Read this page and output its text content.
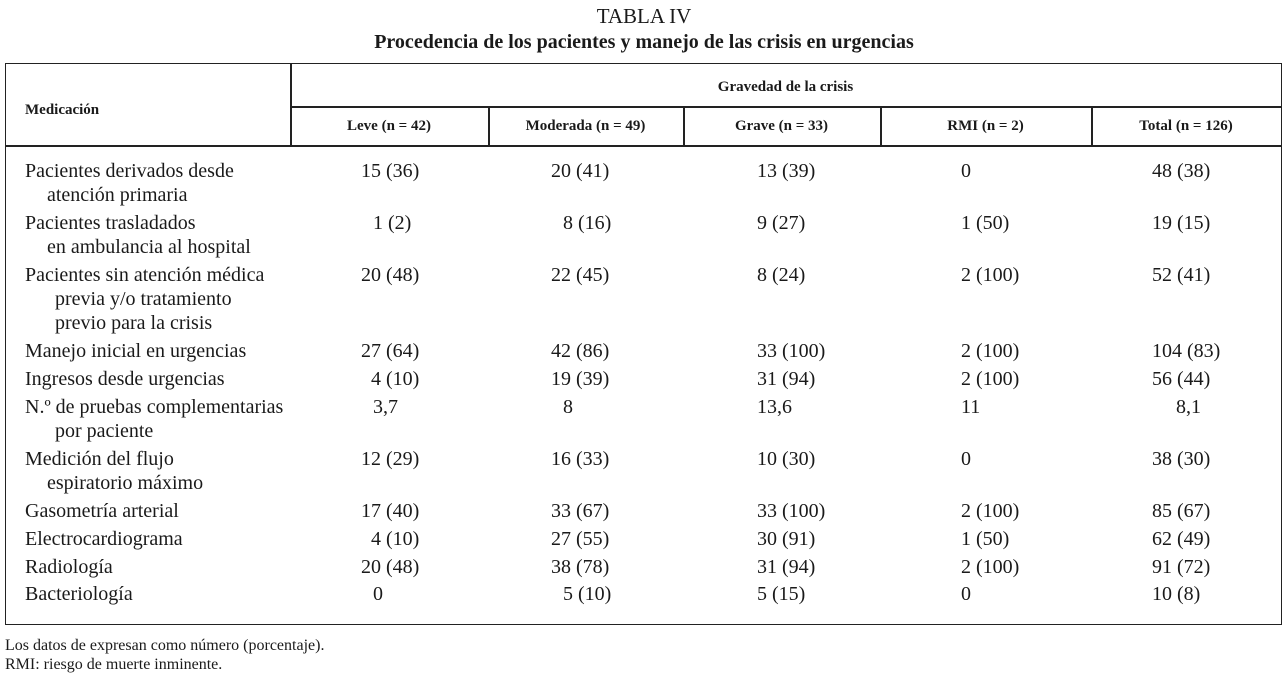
TABLA IV
Procedencia de los pacientes y manejo de las crisis en urgencias
Medicación
Gravedad de la crisis
Leve (n = 42)	Moderada (n = 49)	Grave (n = 33)	RMI (n = 2)	Total (n = 126)
Pacientes derivados desde
atención primaria
15 (36)	20 (41)	13 (39)	0	48 (38)
Pacientes trasladados
en ambulancia al hospital
1 (2)	8 (16)	9 (27)	1 (50)	19 (15)
Pacientes sin atención médica
previa y/o tratamiento
previo para la crisis
20 (48)	22 (45)	8 (24)	2 (100)	52 (41)
Manejo inicial en urgencias	27 (64)	42 (86)	33 (100)	2 (100)	104 (83)
Ingresos desde urgencias	4 (10)	19 (39)	31 (94)	2 (100)	56 (44)
N.º de pruebas complementarias
por paciente
3,7	8	13,6	11	8,1
Medición del flujo
espiratorio máximo
12 (29)	16 (33)	10 (30)	0	38 (30)
Gasometría arterial	17 (40)	33 (67)	33 (100)	2 (100)	85 (67)
Electrocardiograma	4 (10)	27 (55)	30 (91)	1 (50)	62 (49)
Radiología	20 (48)	38 (78)	31 (94)	2 (100)	91 (72)
Bacteriología	0	5 (10)	5 (15)	0	10 (8)
Los datos de expresan como número (porcentaje).
RMI: riesgo de muerte inminente.
